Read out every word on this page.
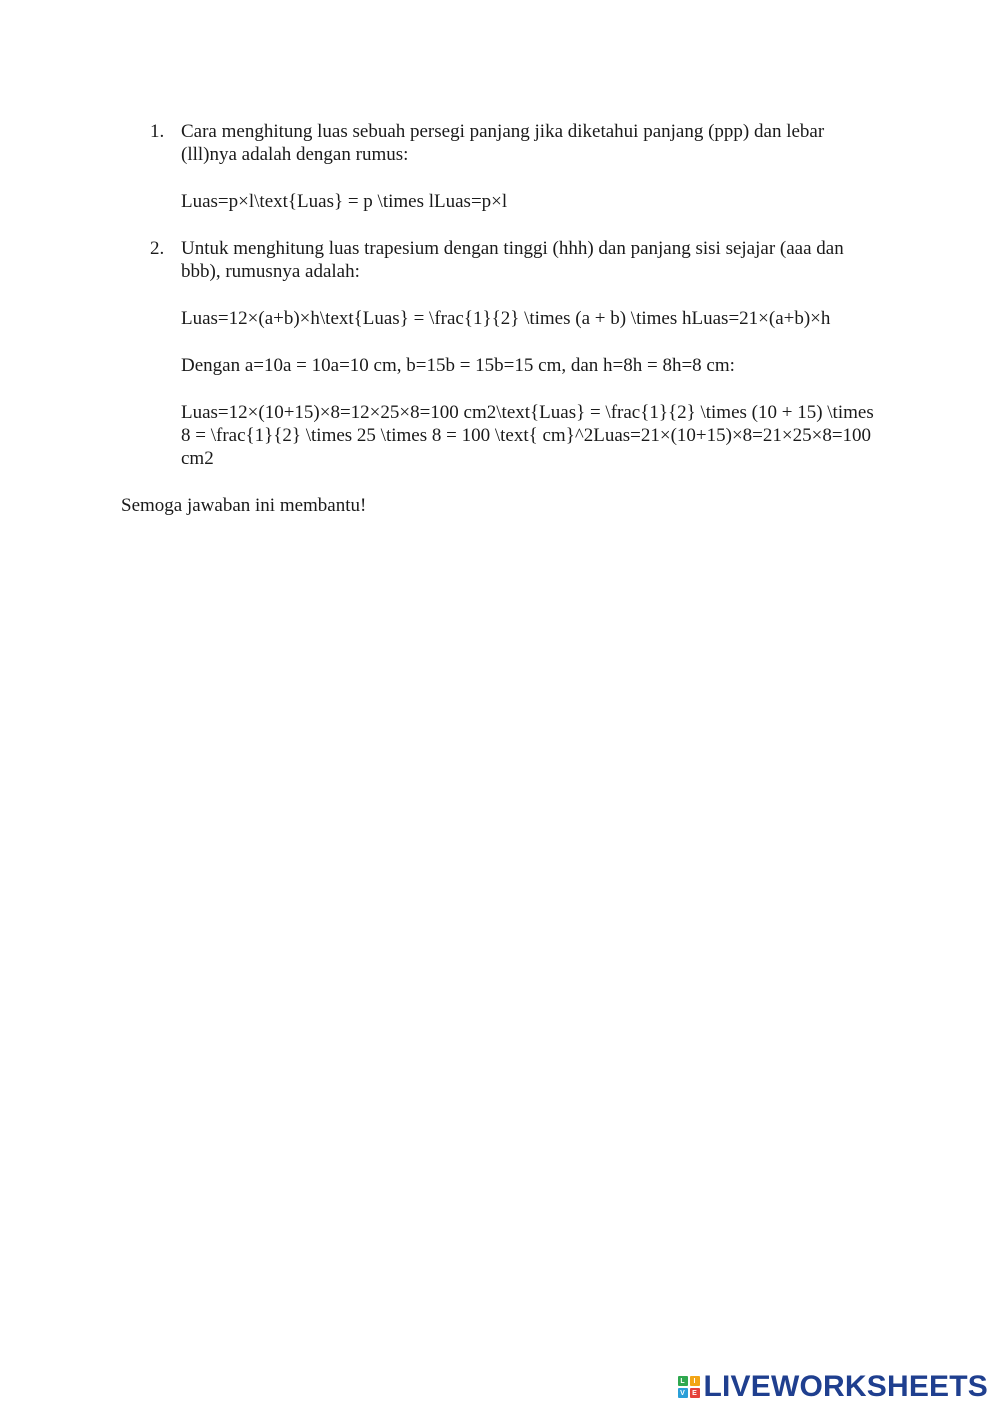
1. Cara menghitung luas sebuah persegi panjang jika diketahui panjang (ppp) dan lebar (lll)nya adalah dengan rumus:

Luas=p×l\text{Luas} = p \times lLuas=p×l

2. Untuk menghitung luas trapesium dengan tinggi (hhh) dan panjang sisi sejajar (aaa dan bbb), rumusnya adalah:

Luas=12×(a+b)×h\text{Luas} = \frac{1}{2} \times (a + b) \times hLuas=21×(a+b)×h

Dengan a=10a = 10a=10 cm, b=15b = 15b=15 cm, dan h=8h = 8h=8 cm:

Luas=12×(10+15)×8=12×25×8=100 cm2\text{Luas} = \frac{1}{2} \times (10 + 15) \times 8 = \frac{1}{2} \times 25 \times 8 = 100 \text{ cm}^2Luas=21×(10+15)×8=21×25×8=100 cm2

Semoga jawaban ini membantu!

L	I
V	E LIVEWORKSHEETS
